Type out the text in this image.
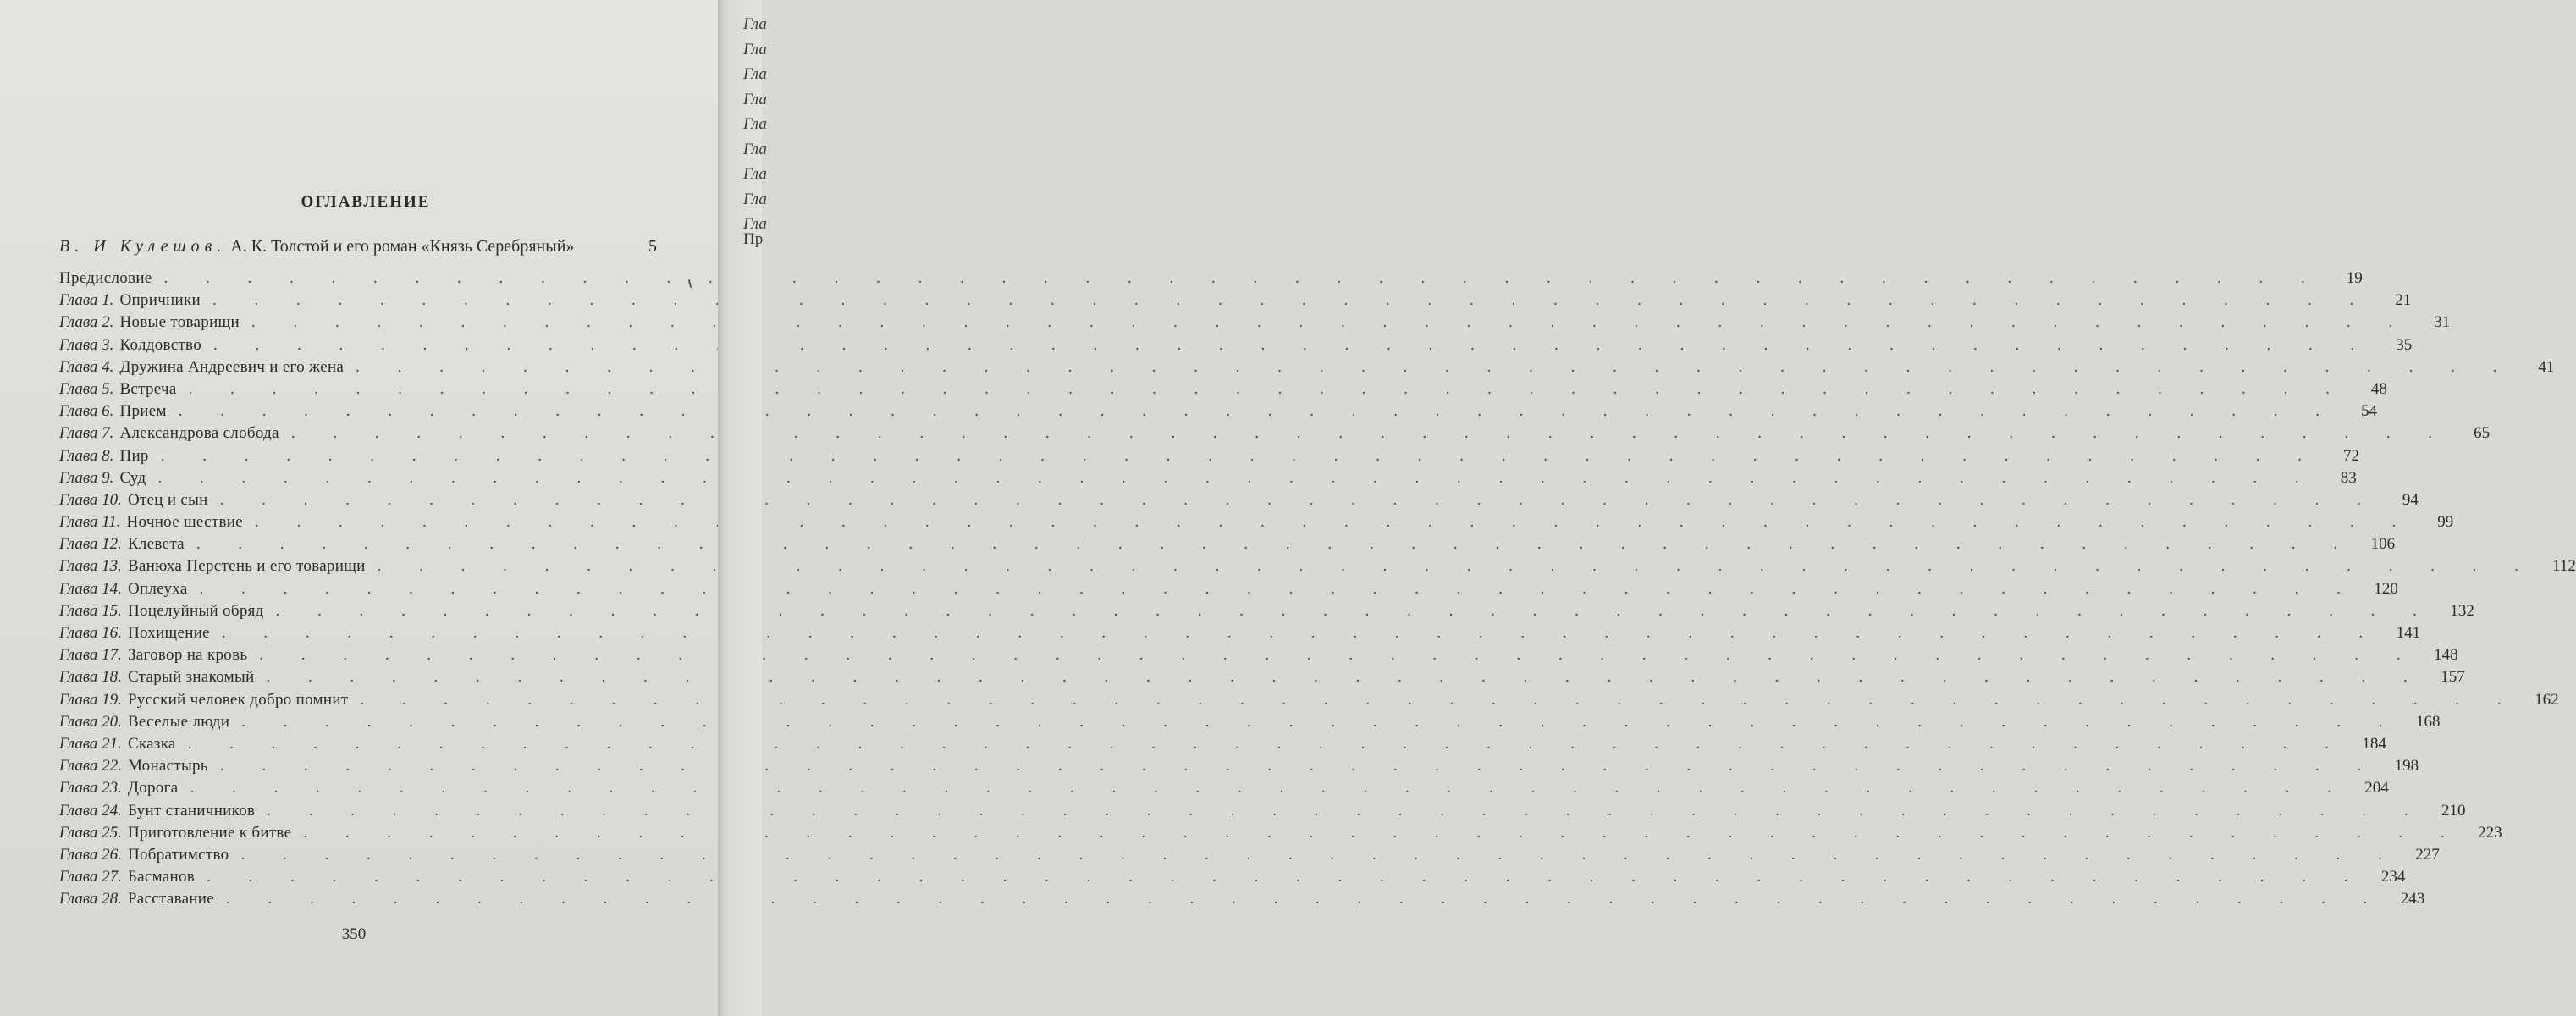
ОГЛАВЛЕНИЕ
В. И Кулешов. А. К. Толстой и его роман «Князь Серебряный»	5
Предисловие . . .	19
Глава 1. Опричники . . .	21
Глава 2. Новые товарищи . . .	31
Глава 3. Колдовство . . .	35
Глава 4. Дружина Андреевич и его жена . . .	41
Глава 5. Встреча . . .	48
Глава 6. Прием . . .	54
Глава 7. Александрова слобода . . .	65
Глава 8. Пир . . .	72
Глава 9. Суд . . .	83
Глава 10. Отец и сын . . .	94
Глава 11. Ночное шествие . . .	99
Глава 12. Клевета . . .	106
Глава 13. Ванюха Перстень и его товарищи . . .	112
Глава 14. Оплеуха . . .	120
Глава 15. Поцелуйный обряд . . .	132
Глава 16. Похищение . . .	141
Глава 17. Заговор на кровь . . .	148
Глава 18. Старый знакомый . . .	157
Глава 19. Русский человек добро помнит . . .	162
Глава 20. Веселые люди . . .	168
Глава 21. Сказка . . .	184
Глава 22. Монастырь . . .	198
Глава 23. Дорога . . .	204
Глава 24. Бунт станичников . . .	210
Глава 25. Приготовление к битве . . .	223
Глава 26. Побратимство . . .	227
Глава 27. Басманов . . .	234
Глава 28. Расставание . . .	243
350
Гла
Гла
Гла
Гла
Гла
Гла
Гла
Гла
Гла
Пр
